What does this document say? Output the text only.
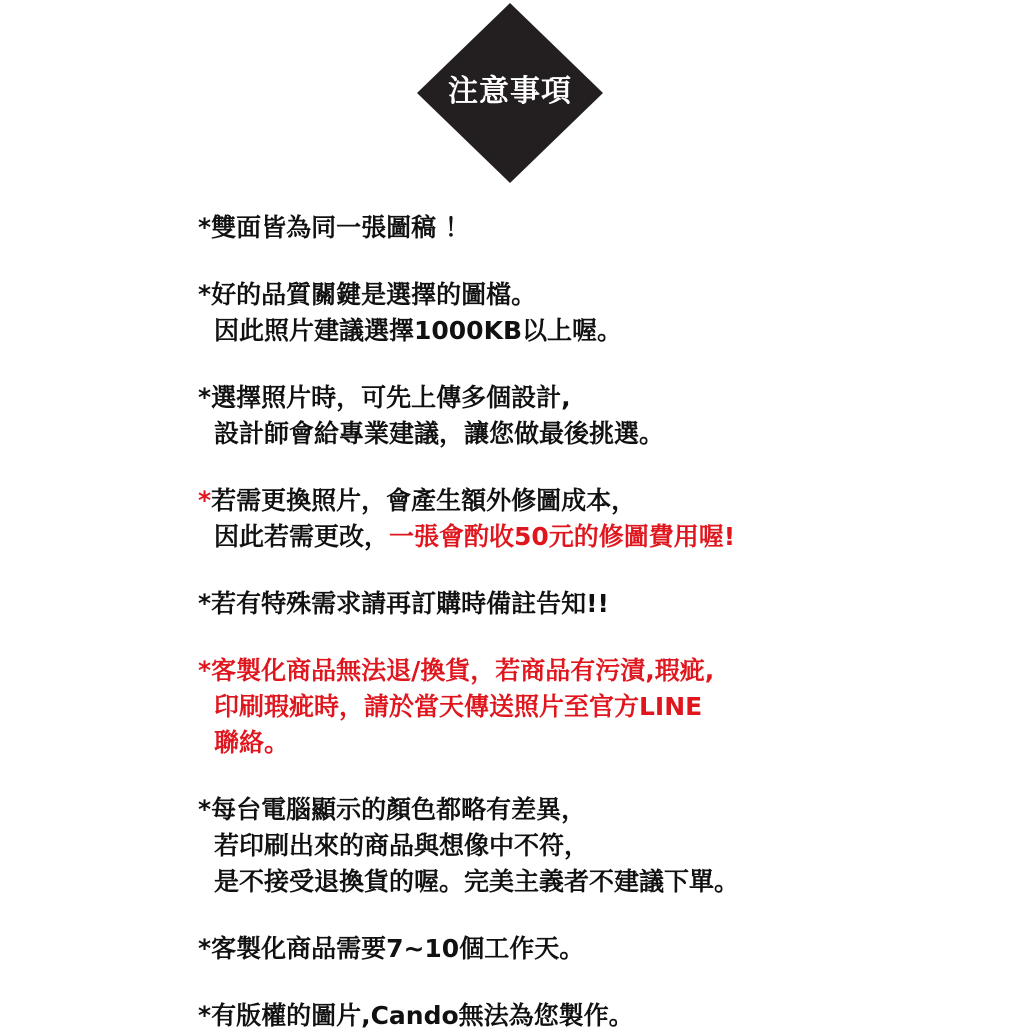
注意事項
*雙面皆為同一張圖稿 ！
*好的品質關鍵是選擇的圖檔。
因此照片建議選擇1000KB以上喔。
*選擇照片時，可先上傳多個設計,
設計師會給專業建議，讓您做最後挑選。
*若需更換照片，會產生額外修圖成本，
因此若需更改，一張會酌收50元的修圖費用喔!
*若有特殊需求請再訂購時備註告知!!
*客製化商品無法退/換貨，若商品有污漬,瑕疵,
印刷瑕疵時，請於當天傳送照片至官方LINE
聯絡。
*每台電腦顯示的顏色都略有差異，
若印刷出來的商品與想像中不符，
是不接受退換貨的喔。完美主義者不建議下單。
*客製化商品需要7~10個工作天。
*有版權的圖片,Cando無法為您製作。
